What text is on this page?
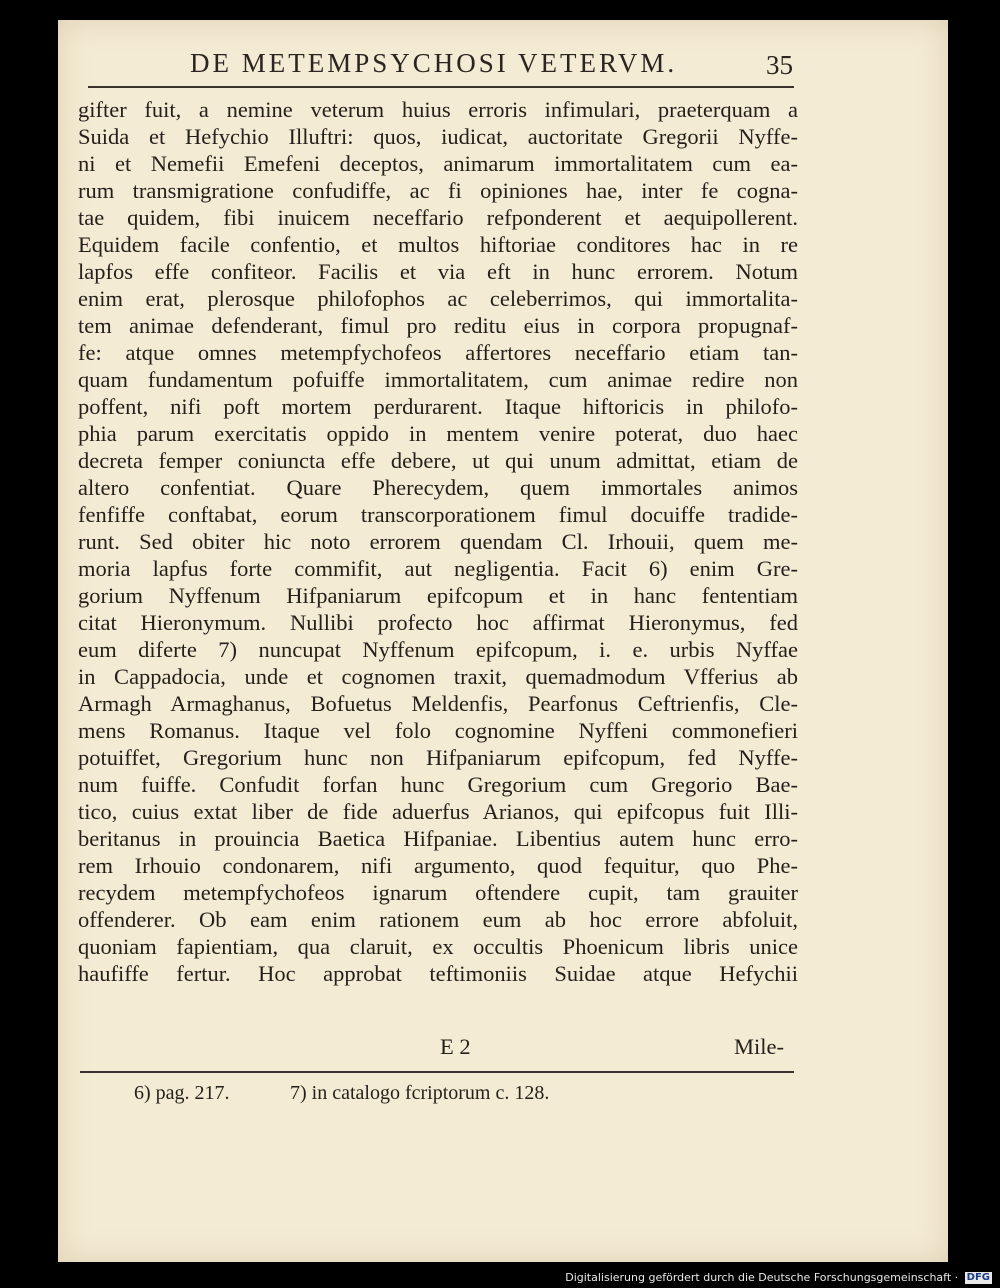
DE METEMPSYCHOSI VETERVM.	35
gifter fuit, a nemine veterum huius erroris infimulari, praeterquam a
Suida et Hefychio Illuftri: quos, iudicat, auctoritate Gregorii Nyffe-
ni et Nemefii Emefeni deceptos, animarum immortalitatem cum ea-
rum transmigratione confudiffe, ac fi opiniones hae, inter fe cogna-
tae quidem, fibi inuicem neceffario refponderent et aequipollerent.
Equidem facile confentio, et multos hiftoriae conditores hac in re
lapfos effe confiteor. Facilis et via eft in hunc errorem. Notum
enim erat, plerosque philofophos ac celeberrimos, qui immortalita-
tem animae defenderant, fimul pro reditu eius in corpora propugnaf-
fe: atque omnes metempfychofeos affertores neceffario etiam tan-
quam fundamentum pofuiffe immortalitatem, cum animae redire non
poffent, nifi poft mortem perdurarent. Itaque hiftoricis in philofo-
phia parum exercitatis oppido in mentem venire poterat, duo haec
decreta femper coniuncta effe debere, ut qui unum admittat, etiam de
altero confentiat. Quare Pherecydem, quem immortales animos
fenfiffe conftabat, eorum transcorporationem fimul docuiffe tradide-
runt. Sed obiter hic noto errorem quendam Cl. Irhouii, quem me-
moria lapfus forte commifit, aut negligentia. Facit 6) enim Gre-
gorium Nyffenum Hifpaniarum epifcopum et in hanc fententiam
citat Hieronymum. Nullibi profecto hoc affirmat Hieronymus, fed
eum diferte 7) nuncupat Nyffenum epifcopum, i. e. urbis Nyffae
in Cappadocia, unde et cognomen traxit, quemadmodum Vfferius ab
Armagh Armaghanus, Bofuetus Meldenfis, Pearfonus Ceftrienfis, Cle-
mens Romanus. Itaque vel folo cognomine Nyffeni commonefieri
potuiffet, Gregorium hunc non Hifpaniarum epifcopum, fed Nyffe-
num fuiffe. Confudit forfan hunc Gregorium cum Gregorio Bae-
tico, cuius extat liber de fide aduerfus Arianos, qui epifcopus fuit Illi-
beritanus in prouincia Baetica Hifpaniae. Libentius autem hunc erro-
rem Irhouio condonarem, nifi argumento, quod fequitur, quo Phe-
recydem metempfychofeos ignarum oftendere cupit, tam grauiter
offenderer. Ob eam enim rationem eum ab hoc errore abfoluit,
quoniam fapientiam, qua claruit, ex occultis Phoenicum libris unice
haufiffe fertur. Hoc approbat teftimoniis Suidae atque Hefychii
E 2	Mile-
6) pag. 217.	7) in catalogo fcriptorum c. 128.
Digitalisierung gefördert durch die Deutsche Forschungsgemeinschaft · DFG
